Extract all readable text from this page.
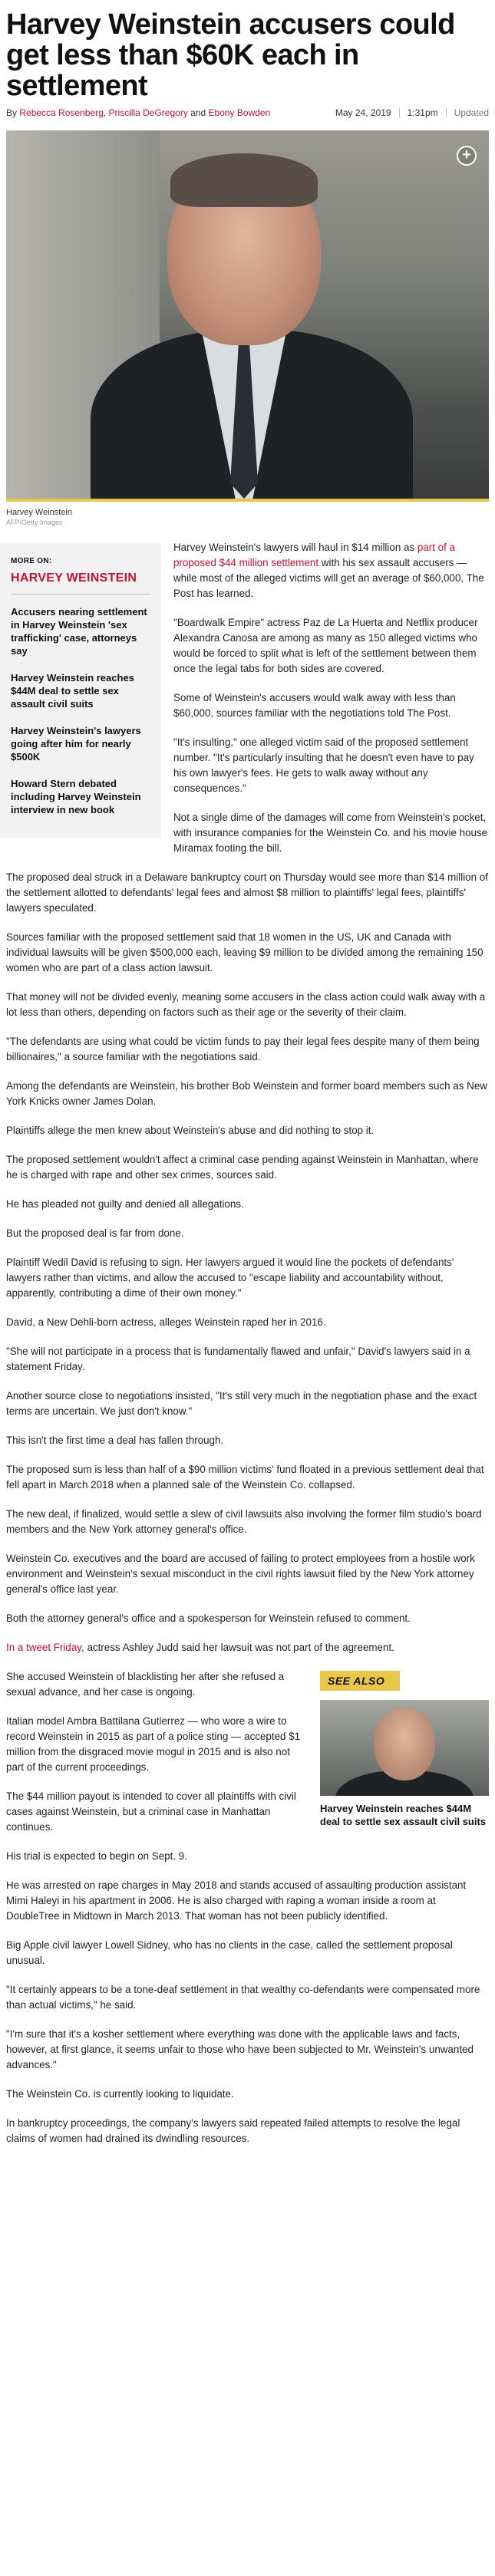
Harvey Weinstein accusers could get less than $60K each in settlement
By Rebecca Rosenberg, Priscilla DeGregory and Ebony Bowden	May 24, 2019 1:31pm Updated
+
Harvey Weinstein
AFP/Getty Images
MORE ON:
HARVEY WEINSTEIN
Accusers nearing settlement in Harvey Weinstein 'sex trafficking' case, attorneys say
Harvey Weinstein reaches $44M deal to settle sex assault civil suits
Harvey Weinstein's lawyers going after him for nearly $500K
Howard Stern debated including Harvey Weinstein interview in new book

Harvey Weinstein's lawyers will haul in $14 million as part of a proposed $44 million settlement with his sex assault accusers — while most of the alleged victims will get an average of $60,000, The Post has learned.

"Boardwalk Empire" actress Paz de La Huerta and Netflix producer Alexandra Canosa are among as many as 150 alleged victims who would be forced to split what is left of the settlement between them once the legal tabs for both sides are covered.

Some of Weinstein's accusers would walk away with less than $60,000, sources familiar with the negotiations told The Post.

"It's insulting," one alleged victim said of the proposed settlement number. "It's particularly insulting that he doesn't even have to pay his own lawyer's fees. He gets to walk away without any consequences."

Not a single dime of the damages will come from Weinstein's pocket, with insurance companies for the Weinstein Co. and his movie house Miramax footing the bill.

The proposed deal struck in a Delaware bankruptcy court on Thursday would see more than $14 million of the settlement allotted to defendants' legal fees and almost $8 million to plaintiffs' legal fees, plaintiffs' lawyers speculated.

Sources familiar with the proposed settlement said that 18 women in the US, UK and Canada with individual lawsuits will be given $500,000 each, leaving $9 million to be divided among the remaining 150 women who are part of a class action lawsuit.

That money will not be divided evenly, meaning some accusers in the class action could walk away with a lot less than others, depending on factors such as their age or the severity of their claim.

"The defendants are using what could be victim funds to pay their legal fees despite many of them being billionaires," a source familiar with the negotiations said.

Among the defendants are Weinstein, his brother Bob Weinstein and former board members such as New York Knicks owner James Dolan.

Plaintiffs allege the men knew about Weinstein's abuse and did nothing to stop it.

The proposed settlement wouldn't affect a criminal case pending against Weinstein in Manhattan, where he is charged with rape and other sex crimes, sources said.

He has pleaded not guilty and denied all allegations.

But the proposed deal is far from done.

Plaintiff Wedil David is refusing to sign. Her lawyers argued it would line the pockets of defendants' lawyers rather than victims, and allow the accused to "escape liability and accountability without, apparently, contributing a dime of their own money."

David, a New Dehli-born actress, alleges Weinstein raped her in 2016.

"She will not participate in a process that is fundamentally flawed and unfair," David's lawyers said in a statement Friday.

Another source close to negotiations insisted, "It's still very much in the negotiation phase and the exact terms are uncertain. We just don't know."

This isn't the first time a deal has fallen through.

The proposed sum is less than half of a $90 million victims' fund floated in a previous settlement deal that fell apart in March 2018 when a planned sale of the Weinstein Co. collapsed.

The new deal, if finalized, would settle a slew of civil lawsuits also involving the former film studio's board members and the New York attorney general's office.

Weinstein Co. executives and the board are accused of failing to protect employees from a hostile work environment and Weinstein's sexual misconduct in the civil rights lawsuit filed by the New York attorney general's office last year.

Both the attorney general's office and a spokesperson for Weinstein refused to comment.

In a tweet Friday, actress Ashley Judd said her lawsuit was not part of the agreement.

SEE ALSO
Harvey Weinstein reaches $44M deal to settle sex assault civil suits

She accused Weinstein of blacklisting her after she refused a sexual advance, and her case is ongoing.

Italian model Ambra Battilana Gutierrez — who wore a wire to record Weinstein in 2015 as part of a police sting — accepted $1 million from the disgraced movie mogul in 2015 and is also not part of the current proceedings.

The $44 million payout is intended to cover all plaintiffs with civil cases against Weinstein, but a criminal case in Manhattan continues.

His trial is expected to begin on Sept. 9.

He was arrested on rape charges in May 2018 and stands accused of assaulting production assistant Mimi Haleyi in his apartment in 2006. He is also charged with raping a woman inside a room at DoubleTree in Midtown in March 2013. That woman has not been publicly identified.

Big Apple civil lawyer Lowell Sidney, who has no clients in the case, called the settlement proposal unusual.

"It certainly appears to be a tone-deaf settlement in that wealthy co-defendants were compensated more than actual victims," he said.

"I'm sure that it's a kosher settlement where everything was done with the applicable laws and facts, however, at first glance, it seems unfair to those who have been subjected to Mr. Weinstein's unwanted advances."

The Weinstein Co. is currently looking to liquidate.

In bankruptcy proceedings, the company's lawyers said repeated failed attempts to resolve the legal claims of women had drained its dwindling resources.
